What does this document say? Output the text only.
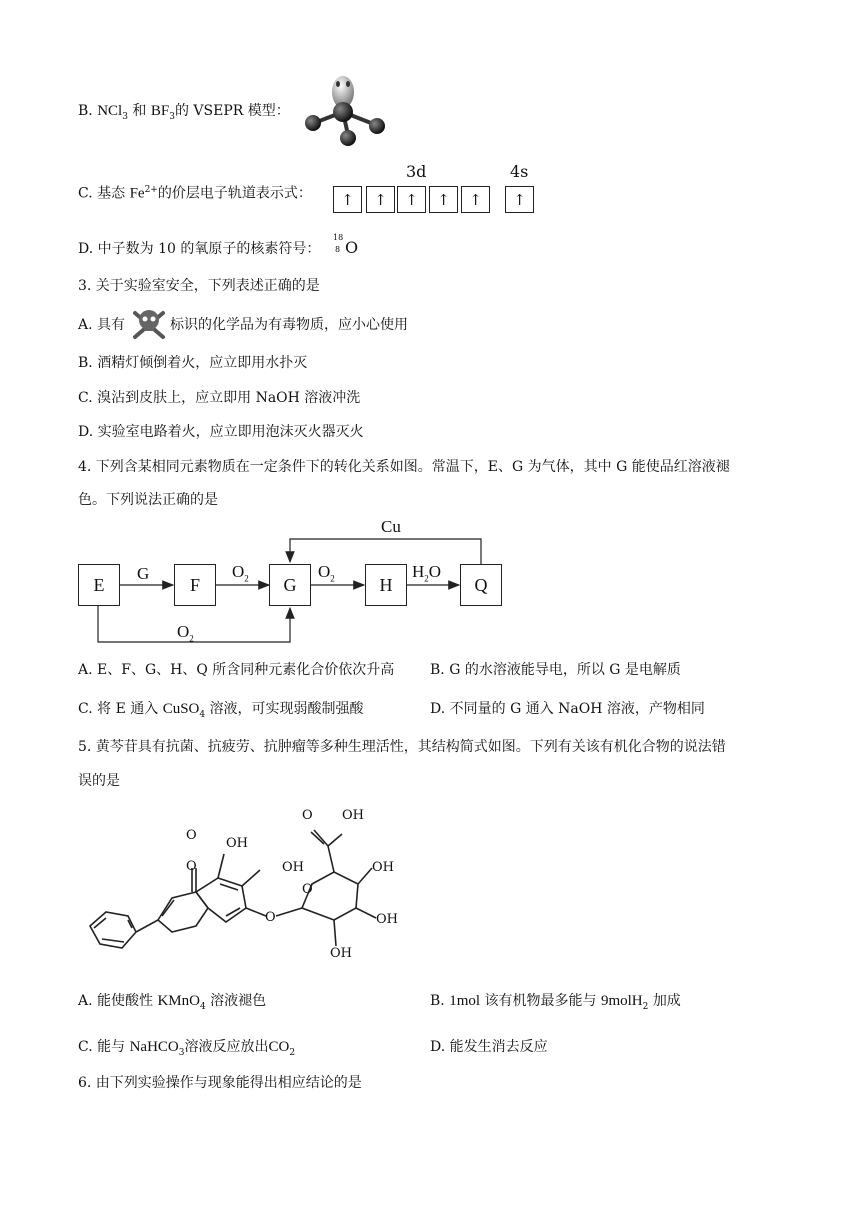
B. NCl$_3$ 和 $BF_3$的 VSEPR 模型：
C. 基态 $Fe^{2+}$的价层电子轨道表示式：
3d	4s
↑	↑	↑	↑	↑	↑
D. 中子数为 10 的氧原子的核素符号：
18
8 O
3. 关于实验室安全，下列表述正确的是
A. 具有	标识的化学品为有毒物质，应小心使用
B. 酒精灯倾倒着火，应立即用水扑灭
C. 溴沾到皮肤上，应立即用 NaOH 溶液冲洗
D. 实验室电路着火，应立即用泡沫灭火器灭火
4. 下列含某相同元素物质在一定条件下的转化关系如图。常温下，E、G 为气体，其中 G 能使品红溶液褪
色。下列说法正确的是
E	F	G	H	Q
G	$O_2$	$O_2$	$H_2O$
Cu
$O_2$
A. E、F、G、H、Q 所含同种元素化合价依次升高	B. G 的水溶液能导电，所以 G 是电解质
C. 将 E 通入 CuSO$_4$ 溶液，可实现弱酸制强酸	D. 不同量的 G 通入 NaOH 溶液，产物相同
5. 黄芩苷具有抗菌、抗疲劳、抗肿瘤等多种生理活性，其结构简式如图。下列有关该有机化合物的说法错
误的是
O
O
OH
OH
O
O OH
O
OH
OH
OH
A. 能使酸性 KMnO$_4$ 溶液褪色	B. 1mol 该有机物最多能与 9molH$_2$ 加成
C. 能与 NaHCO$_3$溶液反应放出$CO_2$	D. 能发生消去反应
6. 由下列实验操作与现象能得出相应结论的是
